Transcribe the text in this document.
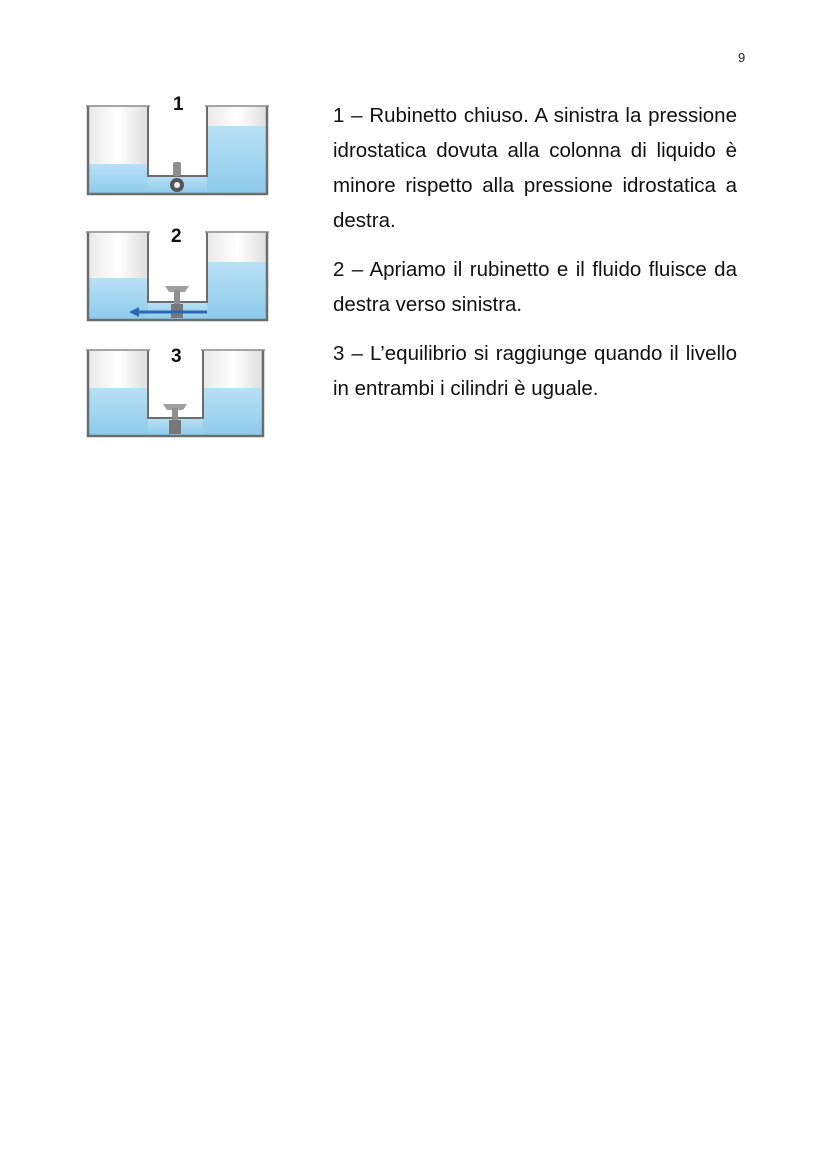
9
1
2
3

1 – Rubinetto chiuso. A sinistra la pressione idrostatica dovuta alla colonna di liquido è minore rispetto alla pressione idrostatica a destra.

2 – Apriamo il rubinetto e il fluido fluisce da destra verso sinistra.

3 – L’equilibrio si raggiunge quando il livello in entrambi i cilindri è uguale.
